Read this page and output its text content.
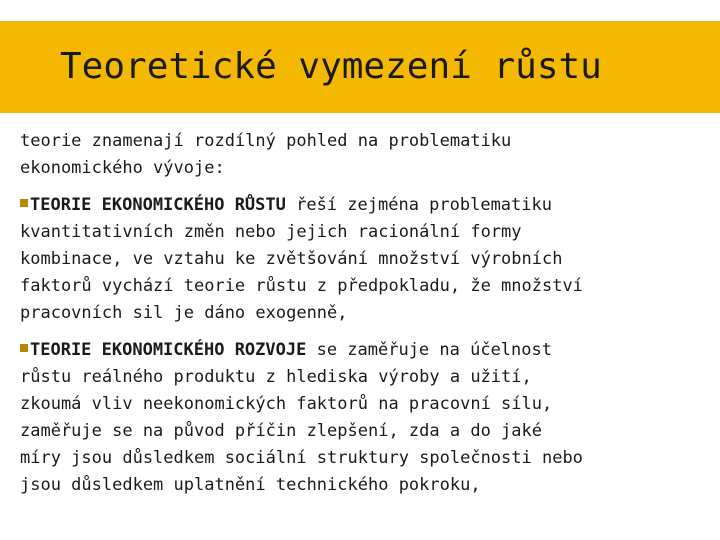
Teoretické vymezení růstu

teorie znamenají rozdílný pohled na problematiku
ekonomického vývoje:

TEORIE EKONOMICKÉHO RŮSTU řeší zejména problematiku
kvantitativních změn nebo jejich racionální formy
kombinace, ve vztahu ke zvětšování množství výrobních
faktorů vychází teorie růstu z předpokladu, že množství
pracovních sil je dáno exogenně,

TEORIE EKONOMICKÉHO ROZVOJE se zaměřuje na účelnost
růstu reálného produktu z hlediska výroby a užití,
zkoumá vliv neekonomických faktorů na pracovní sílu,
zaměřuje se na původ příčin zlepšení, zda a do jaké
míry jsou důsledkem sociální struktury společnosti nebo
jsou důsledkem uplatnění technického pokroku,
